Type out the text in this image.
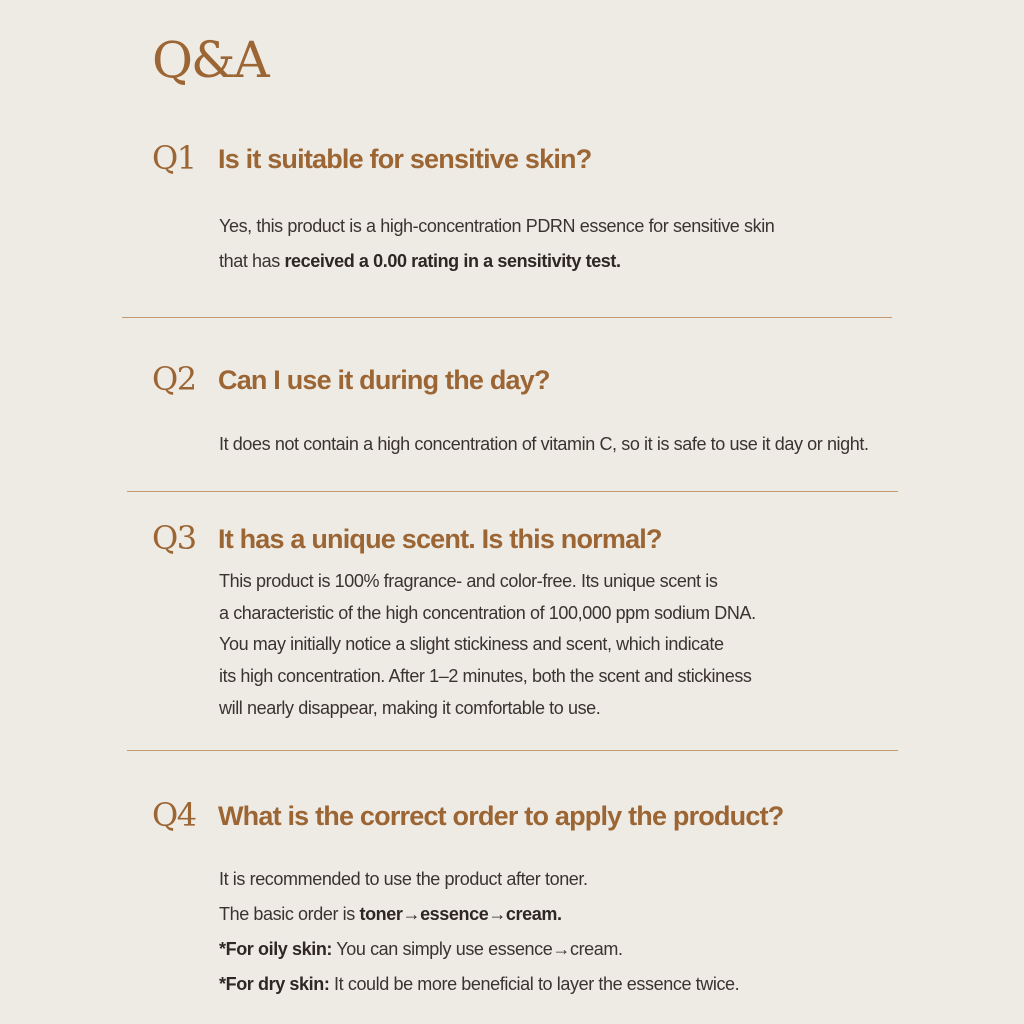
Q&A
Q1 Is it suitable for sensitive skin?
Yes, this product is a high-concentration PDRN essence for sensitive skin
that has received a 0.00 rating in a sensitivity test.
Q2 Can I use it during the day?
It does not contain a high concentration of vitamin C, so it is safe to use it day or night.
Q3 It has a unique scent. Is this normal?
This product is 100% fragrance- and color-free. Its unique scent is
a characteristic of the high concentration of 100,000 ppm sodium DNA.
You may initially notice a slight stickiness and scent, which indicate
its high concentration. After 1–2 minutes, both the scent and stickiness
will nearly disappear, making it comfortable to use.
Q4 What is the correct order to apply the product?
It is recommended to use the product after toner.
The basic order is toner→essence→cream.
*For oily skin: You can simply use essence→cream.
*For dry skin: It could be more beneficial to layer the essence twice.
